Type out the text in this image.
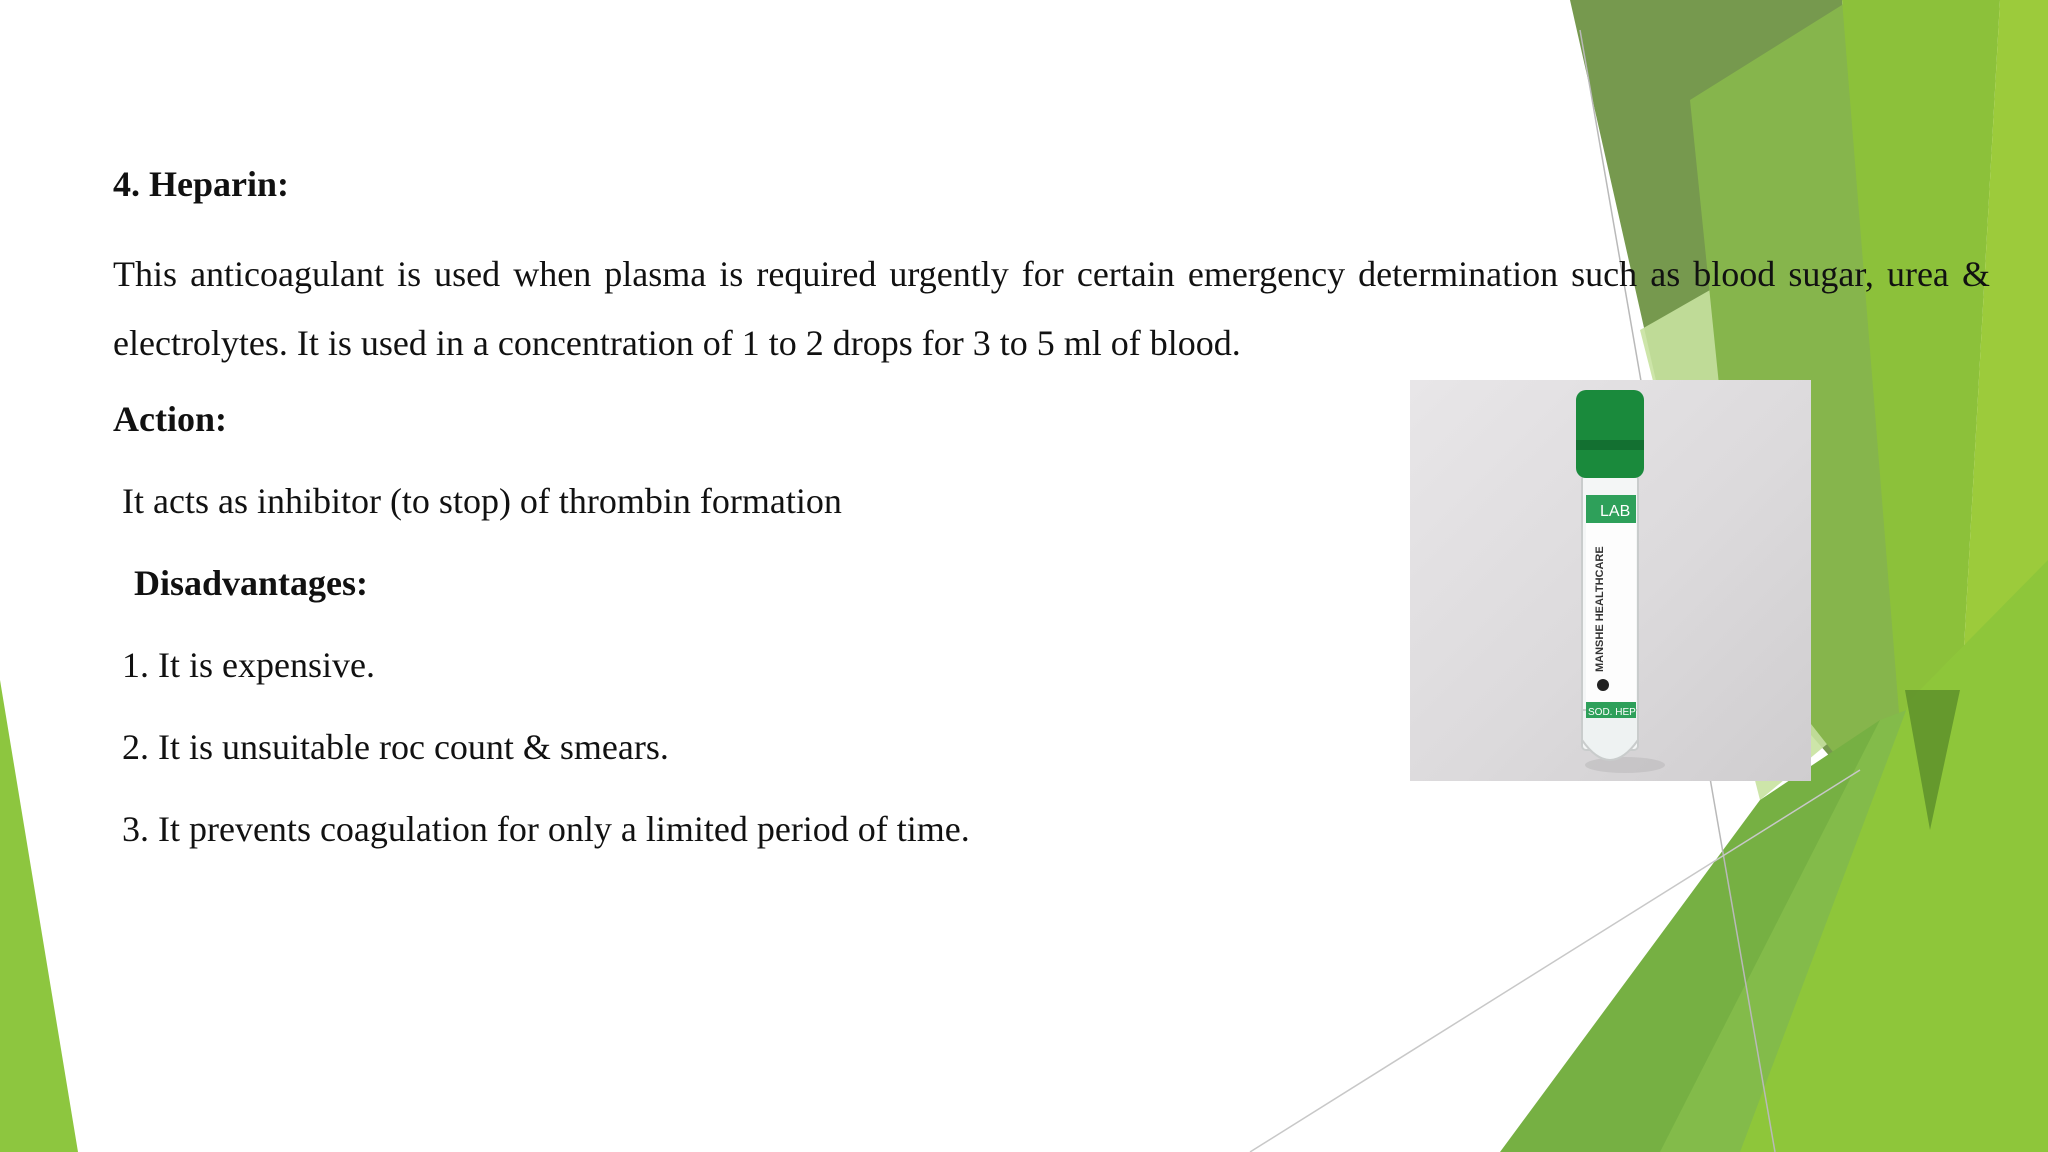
4. Heparin:

This anticoagulant is used when plasma is required urgently for certain emergency determination such as blood sugar, urea & electrolytes. It is used in a concentration of 1 to 2 drops for 3 to 5 ml of blood.

Action:

It acts as inhibitor (to stop) of thrombin formation

Disadvantages:

1. It is expensive.

2. It is unsuitable roc count & smears.

3. It prevents coagulation for only a limited period of time.

LAB
SOD. HEP
MANSHE HEALTHCARE
